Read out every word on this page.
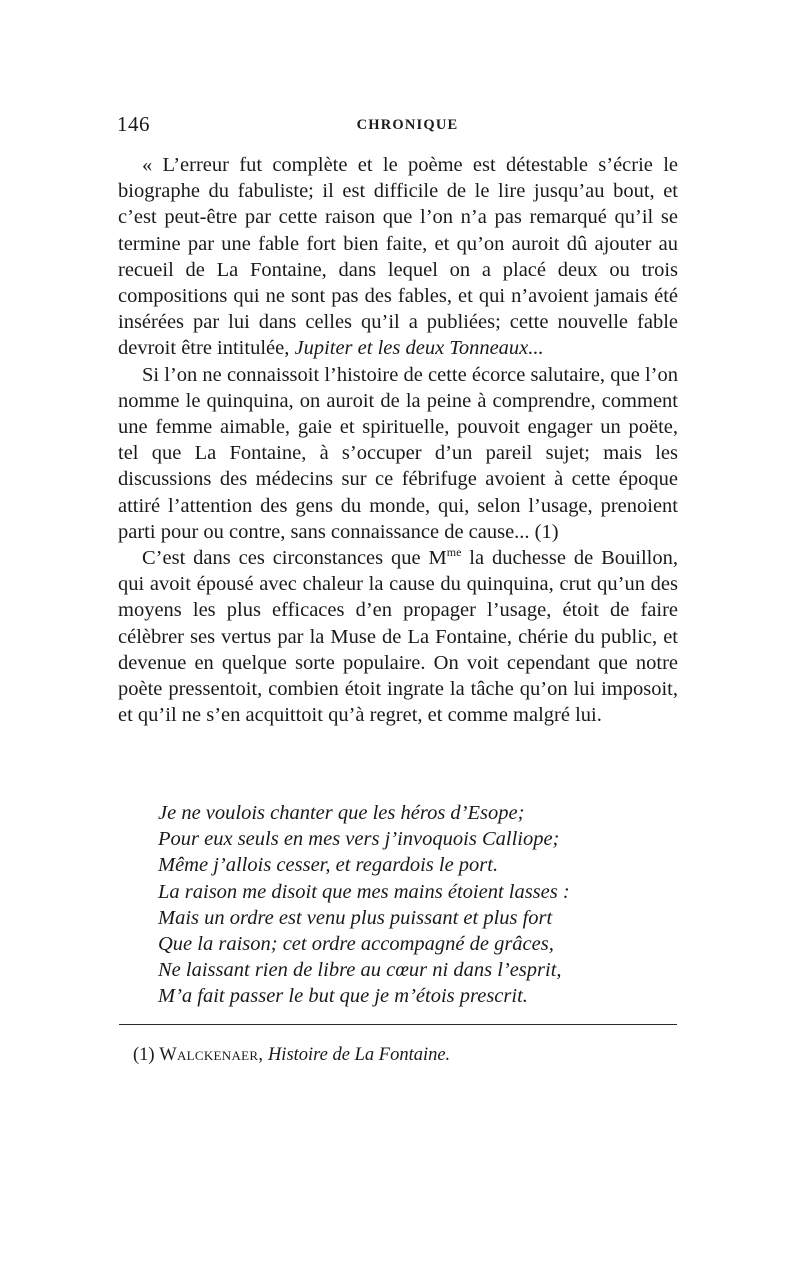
146	CHRONIQUE

« L’erreur fut complète et le poème est détestable s’écrie le biographe du fabuliste; il est difficile de le lire jusqu’au bout, et c’est peut-être par cette raison que l’on n’a pas remarqué qu’il se termine par une fable fort bien faite, et qu’on auroit dû ajouter au recueil de La Fontaine, dans lequel on a placé deux ou trois compositions qui ne sont pas des fables, et qui n’avoient jamais été insérées par lui dans celles qu’il a publiées; cette nouvelle fable devroit être intitulée, Jupiter et les deux Tonneaux...

Si l’on ne connaissoit l’histoire de cette écorce salutaire, que l’on nomme le quinquina, on auroit de la peine à comprendre, comment une femme aimable, gaie et spirituelle, pouvoit engager un poëte, tel que La Fontaine, à s’occuper d’un pareil sujet; mais les discussions des médecins sur ce fébrifuge avoient à cette époque attiré l’attention des gens du monde, qui, selon l’usage, prenoient parti pour ou contre, sans connaissance de cause... (1)

C’est dans ces circonstances que $M^{me}$ la duchesse de Bouillon, qui avoit épousé avec chaleur la cause du quinquina, crut qu’un des moyens les plus efficaces d’en propager l’usage, étoit de faire célèbrer ses vertus par la Muse de La Fontaine, chérie du public, et devenue en quelque sorte populaire. On voit cependant que notre poète pressentoit, combien étoit ingrate la tâche qu’on lui imposoit, et qu’il ne s’en acquittoit qu’à regret, et comme malgré lui.

Je ne voulois chanter que les héros d’Esope;
Pour eux seuls en mes vers j’invoquois Calliope;
Même j’allois cesser, et regardois le port.
La raison me disoit que mes mains étoient lasses :
Mais un ordre est venu plus puissant et plus fort
Que la raison; cet ordre accompagné de grâces,
Ne laissant rien de libre au cœur ni dans l’esprit,
M’a fait passer le but que je m’étois prescrit.
(1) Walckenaer, Histoire de La Fontaine.
